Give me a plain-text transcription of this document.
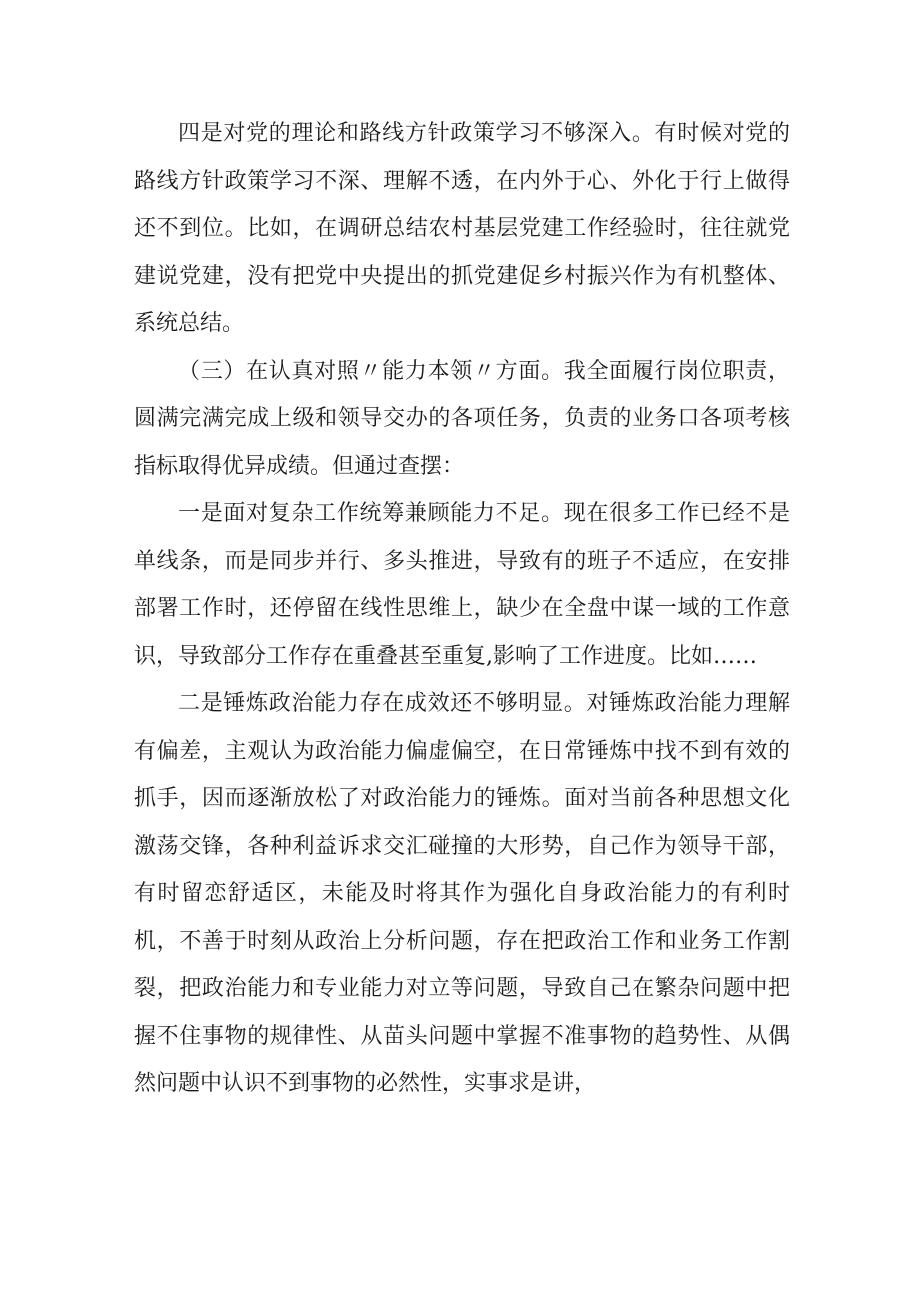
四是对党的理论和路线方针政策学习不够深入。有时候对党的路线方针政策学习不深、理解不透，在内外于心、外化于行上做得还不到位。比如，在调研总结农村基层党建工作经验时，往往就党建说党建，没有把党中央提出的抓党建促乡村振兴作为有机整体、系统总结。

（三）在认真对照〃能力本领〃方面。我全面履行岗位职责，圆满完满完成上级和领导交办的各项任务，负责的业务口各项考核指标取得优异成绩。但通过查摆：

一是面对复杂工作统筹兼顾能力不足。现在很多工作已经不是单线条，而是同步并行、多头推进，导致有的班子不适应，在安排部署工作时，还停留在线性思维上，缺少在全盘中谋一域的工作意识，导致部分工作存在重叠甚至重复,影响了工作进度。比如……

二是锤炼政治能力存在成效还不够明显。对锤炼政治能力理解有偏差，主观认为政治能力偏虚偏空，在日常锤炼中找不到有效的抓手，因而逐渐放松了对政治能力的锤炼。面对当前各种思想文化激荡交锋，各种利益诉求交汇碰撞的大形势，自己作为领导干部，有时留恋舒适区，未能及时将其作为强化自身政治能力的有利时机，不善于时刻从政治上分析问题，存在把政治工作和业务工作割裂，把政治能力和专业能力对立等问题，导致自己在繁杂问题中把握不住事物的规律性、从苗头问题中掌握不准事物的趋势性、从偶然问题中认识不到事物的必然性，实事求是讲，
